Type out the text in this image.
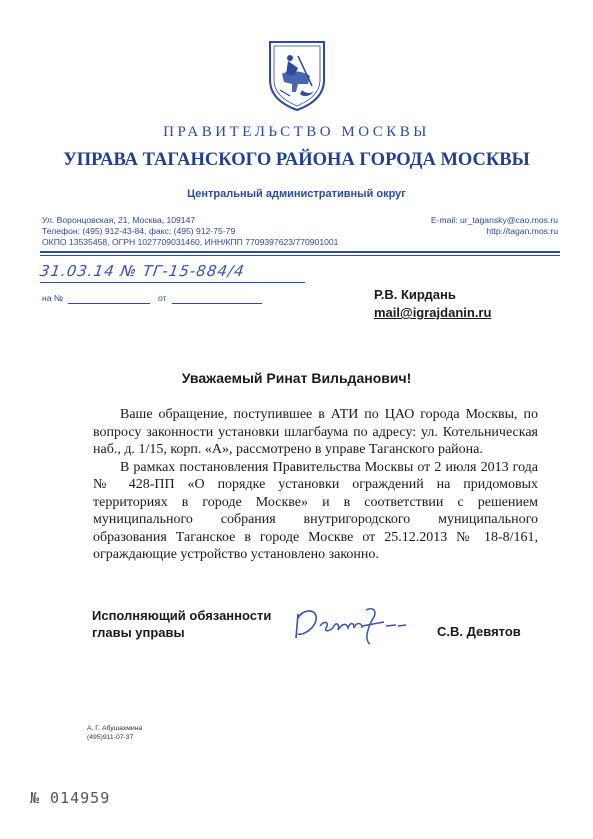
ПРАВИТЕЛЬСТВО МОСКВЫ
УПРАВА ТАГАНСКОГО РАЙОНА ГОРОДА МОСКВЫ
Центральный административный округ
Ул. Воронцовская, 21, Москва, 109147
Телефон: (495) 912-43-84, факс: (495) 912-75-79
ОКПО 13535458, ОГРН 1027709031460, ИНН/КПП 7709397623/770901001
E-mail: ur_tagansky@cao.mos.ru
http://tagan.mos.ru
31.03.14 № ТГ-15-884/4
на №	от	Р.В. Кирдань
mail@igrajdanin.ru
Уважаемый Ринат Вильданович!

Ваше обращение, поступившее в АТИ по ЦАО города Москвы, по вопросу законности установки шлагбаума по адресу: ул. Котельническая наб., д. 1/15, корп. «А», рассмотрено в управе Таганского района.

В рамках постановления Правительства Москвы от 2 июля 2013 года № 428-ПП «О порядке установки ограждений на придомовых территориях в городе Москве» и в соответствии с решением муниципального собрания внутригородского муниципального образования Таганское в городе Москве от 25.12.2013 № 18-8/161, ограждающие устройство установлено законно.

Исполняющий обязанности
главы управы	С.В. Девятов
А. Г. Абушахмина
(495)911-07-37
№ 014959
